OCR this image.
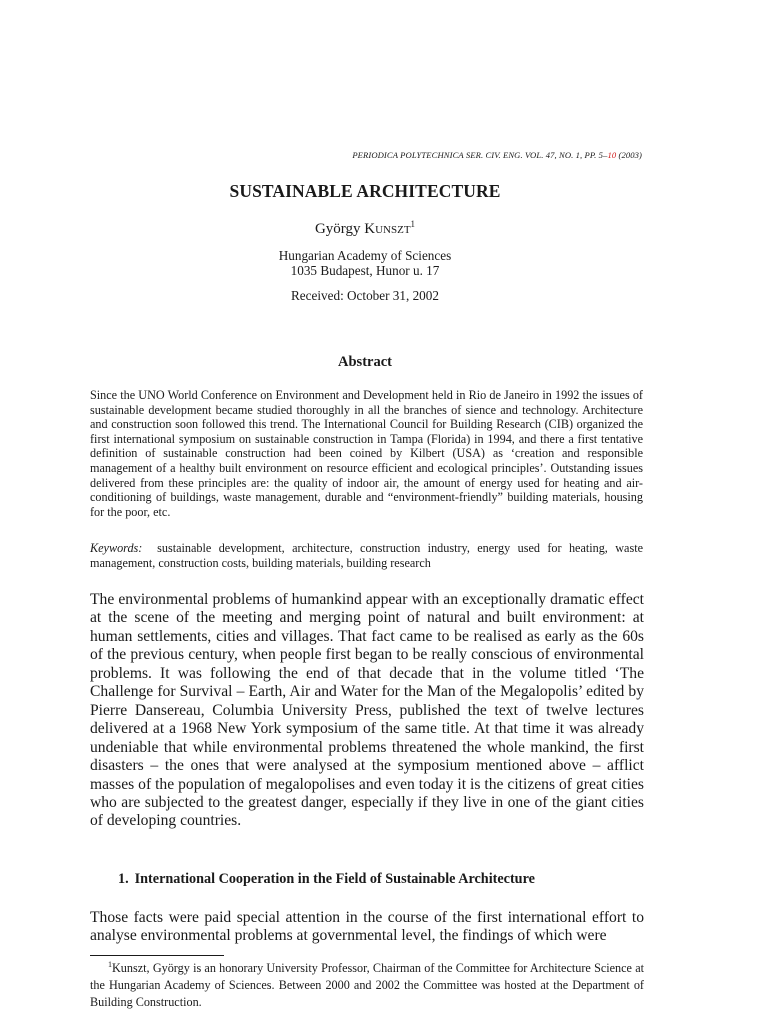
PERIODICA POLYTECHNICA SER. CIV. ENG. VOL. 47, NO. 1, PP. 5–10 (2003)
SUSTAINABLE ARCHITECTURE
György Kunszt$^1$
Hungarian Academy of Sciences
1035 Budapest, Hunor u. 17
Received: October 31, 2002
Abstract
Since the UNO World Conference on Environment and Development held in Rio de Janeiro in 1992 the issues of sustainable development became studied thoroughly in all the branches of sience and technology. Architecture and construction soon followed this trend. The International Council for Building Research (CIB) organized the first international symposium on sustainable construction in Tampa (Florida) in 1994, and there a first tentative definition of sustainable construction had been coined by Kilbert (USA) as ‘creation and responsible management of a healthy built environment on resource efficient and ecological principles’. Outstanding issues delivered from these principles are: the quality of indoor air, the amount of energy used for heating and air-conditioning of buildings, waste management, durable and “environment-friendly” building materials, housing for the poor, etc.
Keywords: sustainable development, architecture, construction industry, energy used for heating, waste management, construction costs, building materials, building research
The environmental problems of humankind appear with an exceptionally dramatic effect at the scene of the meeting and merging point of natural and built environment: at human settlements, cities and villages. That fact came to be realised as early as the 60s of the previous century, when people first began to be really conscious of environmental problems. It was following the end of that decade that in the volume titled ‘The Challenge for Survival – Earth, Air and Water for the Man of the Megalopolis’ edited by Pierre Dansereau, Columbia University Press, published the text of twelve lectures delivered at a 1968 New York symposium of the same title. At that time it was already undeniable that while environmental problems threatened the whole mankind, the first disasters – the ones that were analysed at the symposium mentioned above – afflict masses of the population of megalopolises and even today it is the citizens of great cities who are subjected to the greatest danger, especially if they live in one of the giant cities of developing countries.
1. International Cooperation in the Field of Sustainable Architecture
Those facts were paid special attention in the course of the first international effort to analyse environmental problems at governmental level, the findings of which were
$^1$Kunszt, György is an honorary University Professor, Chairman of the Committee for Architecture Science at the Hungarian Academy of Sciences. Between 2000 and 2002 the Committee was hosted at the Department of Building Construction.
